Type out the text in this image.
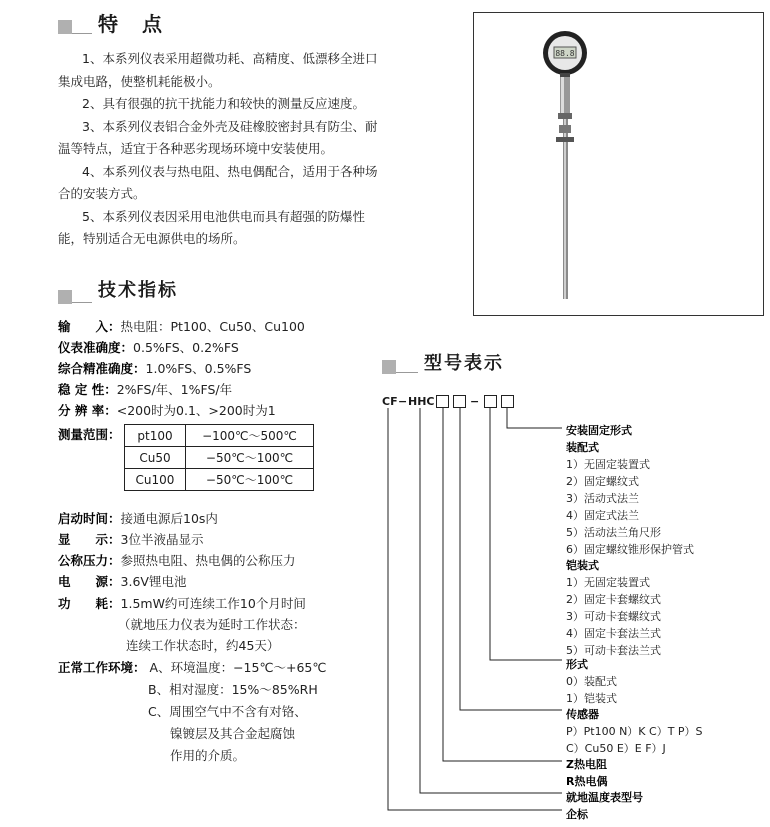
特　点

1、本系列仪表采用超微功耗、高精度、低漂移全进口集成电路，使整机耗能极小。

2、具有很强的抗干扰能力和较快的测量反应速度。

3、本系列仪表铝合金外壳及硅橡胶密封具有防尘、耐温等特点，适宜于各种恶劣现场环境中安装使用。

4、本系列仪表与热电阻、热电偶配合，适用于各种场合的安装方式。

5、本系列仪表因采用电池供电而具有超强的防爆性能，特别适合无电源供电的场所。

技术指标
输　　入：热电阻：Pt100、Cu50、Cu100
仪表准确度：0.5%FS、0.2%FS
综合精准确度：1.0%FS、0.5%FS
稳 定 性：2%FS/年、1%FS/年
分 辨 率：<200时为0.1、>200时为1
测量范围： pt100	−100℃～500℃
Cu50	−50℃～100℃
Cu100	−50℃～100℃
启动时间：接通电源后10s内
显　　示：3位半液晶显示
公称压力：参照热电阻、热电偶的公称压力
电　　源：3.6V锂电池
功　　耗：1.5mW约可连续工作10个月时间
（就地压力仪表为延时工作状态：
连续工作状态时，约45天）
正常工作环境： A、环境温度：−15℃～+65℃
B、相对湿度：15%～85%RH
C、周围空气中不含有对铬、
镍镀层及其合金起腐蚀
作用的介质。
88.8
型号表示
CF − HHC	−
安装固定形式
装配式
1）无固定装置式
2）固定螺纹式
3）活动式法兰
4）固定式法兰
5）活动法兰角尺形
6）固定螺纹锥形保护管式
铠装式
1）无固定装置式
2）固定卡套螺纹式
3）可动卡套螺纹式
4）固定卡套法兰式
5）可动卡套法兰式
形式
0）装配式
1）铠装式
传感器
P）Pt100 N）K C）T P）S
C）Cu50 E）E F）J
Z热电阻
R热电偶
就地温度表型号
企标
